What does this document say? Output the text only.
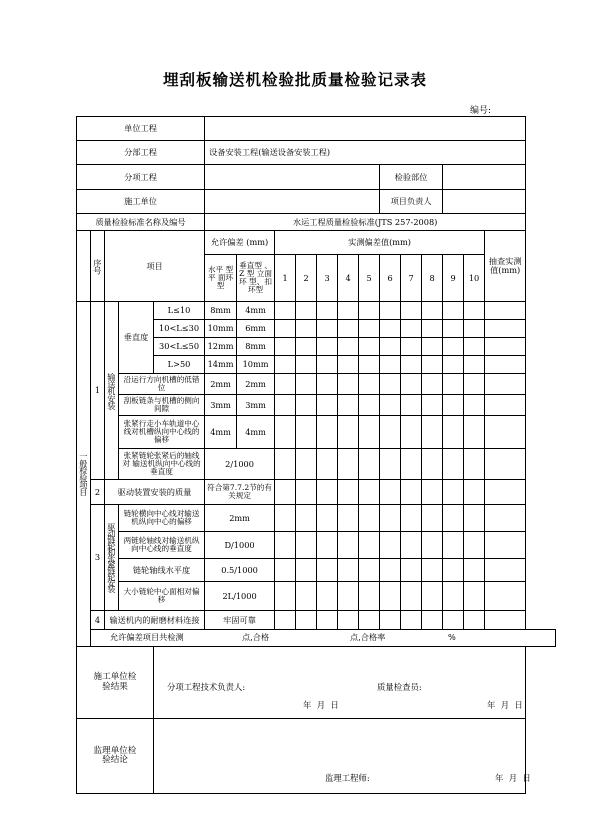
埋刮板输送机检验批质量检验记录表
编号:
单位工程																	
分部工程					设备安装工程(输送设备安装工程)												
分项工程												检验部位					
施工单位												项目负责人					
质量检验标准名称及编号					水运工程质量检验标准(JTS 257-2008)												

	序号	项目			允许偏差 (mm)		实测偏差值(mm)										抽查实测值(mm)
					水平 型平 面环 型	垂直型 、Z 型 立面环 型、扣 环型	1	2	3	4	5	6	7	8	9	10	

一般检验项目	1	输送机安装	垂直度	L≤10	8mm	4mm											
				10<L≤30	10mm	6mm											
				30<L≤50	12mm	8mm											
				L>50	14mm	10mm											
			沿运行方向机槽的低错位		2mm	2mm											
			刮板链条与机槽的侧向间隙		3mm	3mm											
			张紧行走小车轨道中心线对机槽纵向中心线的偏移		4mm	4mm											
			张紧链轮张紧后的轴线对 输送机纵向中心线的垂直度		2/1000												
	2	驱动装置安装的质量			符合第7.7.2节的有关规定												
	3	驱动链轮和张紧链轮安装	链轮横向中心线对输送机纵向中心的偏移		2mm												
			两链轮轴线对输送机纵向中心线的垂直度		D/1000												
			链轮轴线水平度		0.5/1000												
			大小链轮中心面相对偏移		2L/1000												
	4	输送机内的耐磨材料连接			牢固可靠												

	允许偏差项目共检测 点,合格 点,合格率 %																

施工单位检验结果				分项工程技术负责人: 质量检查员:
年  月  日 年  月  日													

监理单位检验结论				监理工程师: 年  月  日													
